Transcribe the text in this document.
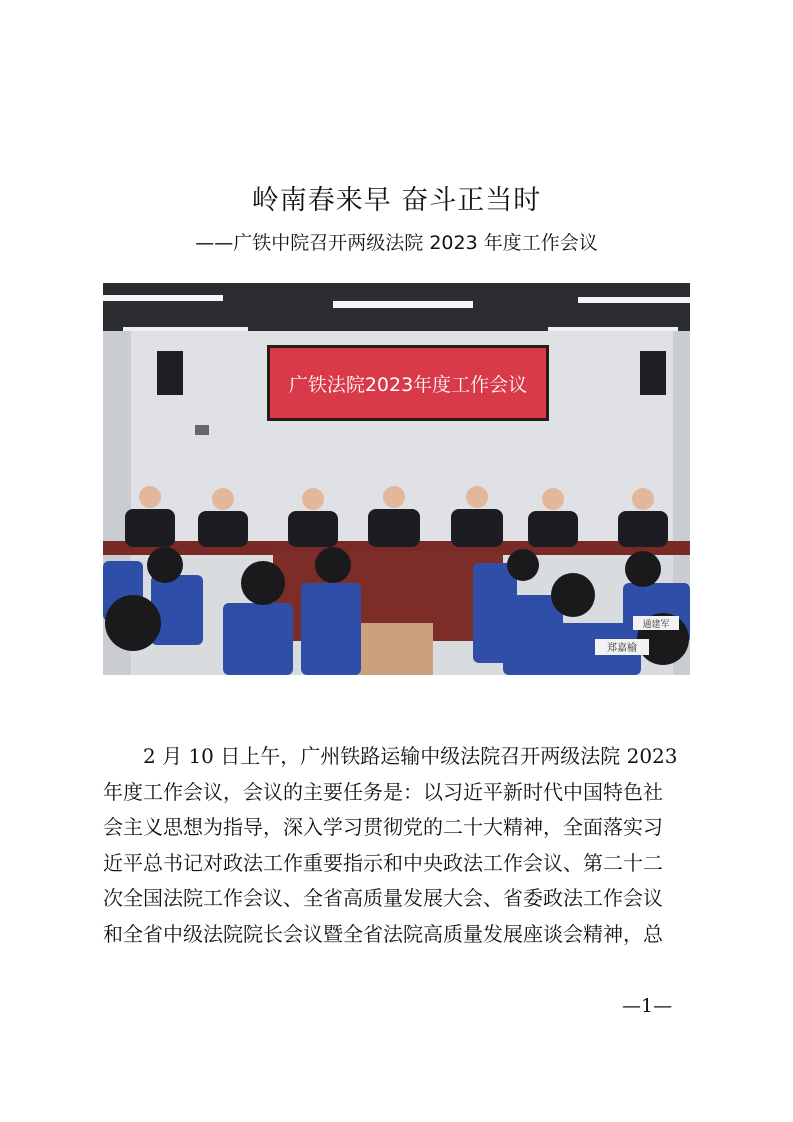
岭南春来早 奋斗正当时
——广铁中院召开两级法院 2023 年度工作会议
广铁法院2023年度工作会议
通建军
郑嘉榆

2 月 10 日上午，广州铁路运输中级法院召开两级法院 2023
年度工作会议，会议的主要任务是：以习近平新时代中国特色社
会主义思想为指导，深入学习贯彻党的二十大精神，全面落实习
近平总书记对政法工作重要指示和中央政法工作会议、第二十二
次全国法院工作会议、全省高质量发展大会、省委政法工作会议
和全省中级法院院长会议暨全省法院高质量发展座谈会精神，总

—1—
